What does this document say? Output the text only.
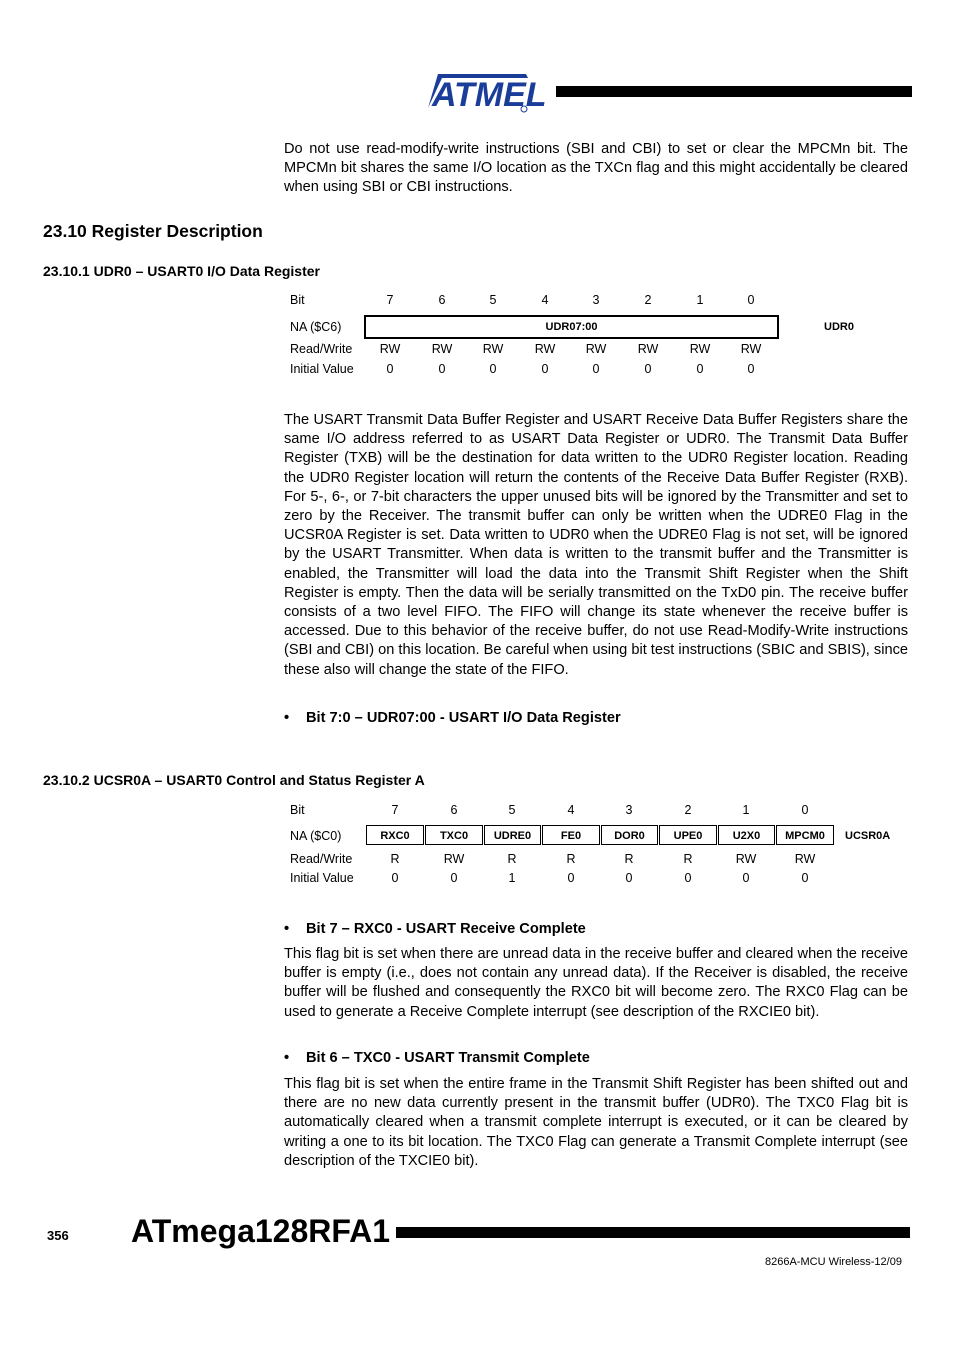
ATMEL

Do not use read-modify-write instructions (SBI and CBI) to set or clear the MPCMn bit. The MPCMn bit shares the same I/O location as the TXCn flag and this might accidentally be cleared when using SBI or CBI instructions.

23.10 Register Description
23.10.1 UDR0 – USART0 I/O Data Register
Bit	7	6	5	4	3	2	1	0
NA ($C6)	UDR07:00	UDR0
Read/Write	RW	RW	RW	RW	RW	RW	RW	RW
Initial Value	0	0	0	0	0	0	0	0

The USART Transmit Data Buffer Register and USART Receive Data Buffer Registers share the same I/O address referred to as USART Data Register or UDR0. The Transmit Data Buffer Register (TXB) will be the destination for data written to the UDR0 Register location. Reading the UDR0 Register location will return the contents of the Receive Data Buffer Register (RXB). For 5-, 6-, or 7-bit characters the upper unused bits will be ignored by the Transmitter and set to zero by the Receiver. The transmit buffer can only be written when the UDRE0 Flag in the UCSR0A Register is set. Data written to UDR0 when the UDRE0 Flag is not set, will be ignored by the USART Transmitter. When data is written to the transmit buffer and the Transmitter is enabled, the Transmitter will load the data into the Transmit Shift Register when the Shift Register is empty. Then the data will be serially transmitted on the TxD0 pin. The receive buffer consists of a two level FIFO. The FIFO will change its state whenever the receive buffer is accessed. Due to this behavior of the receive buffer, do not use Read-Modify-Write instructions (SBI and CBI) on this location. Be careful when using bit test instructions (SBIC and SBIS), since these also will change the state of the FIFO.

• Bit 7:0 – UDR07:00 - USART I/O Data Register

23.10.2 UCSR0A – USART0 Control and Status Register A
Bit	7	6	5	4	3	2	1	0
NA ($C0)	RXC0	TXC0	UDRE0	FE0	DOR0	UPE0	U2X0	MPCM0	UCSR0A
Read/Write	R	RW	R	R	R	R	RW	RW
Initial Value	0	0	1	0	0	0	0	0

• Bit 7 – RXC0 - USART Receive Complete

This flag bit is set when there are unread data in the receive buffer and cleared when the receive buffer is empty (i.e., does not contain any unread data). If the Receiver is disabled, the receive buffer will be flushed and consequently the RXC0 bit will become zero. The RXC0 Flag can be used to generate a Receive Complete interrupt (see description of the RXCIE0 bit).

• Bit 6 – TXC0 - USART Transmit Complete

This flag bit is set when the entire frame in the Transmit Shift Register has been shifted out and there are no new data currently present in the transmit buffer (UDR0). The TXC0 Flag bit is automatically cleared when a transmit complete interrupt is executed, or it can be cleared by writing a one to its bit location. The TXC0 Flag can generate a Transmit Complete interrupt (see description of the TXCIE0 bit).

356 ATmega128RFA1
8266A-MCU Wireless-12/09
